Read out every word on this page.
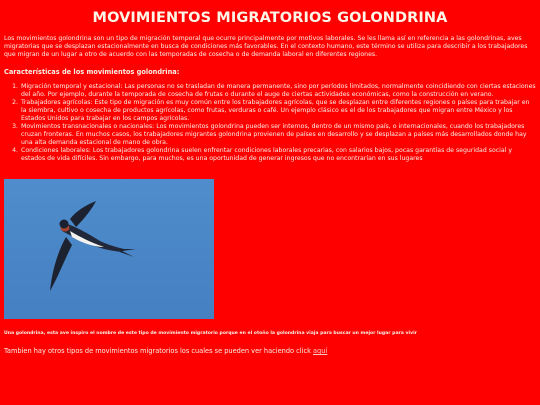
MOVIMIENTOS MIGRATORIOS GOLONDRINA

Los movimientos golondrina son un tipo de migración temporal que ocurre principalmente por motivos laborales. Se les llama así en referencia a las golondrinas, aves migratorias que se desplazan estacionalmente en busca de condiciones más favorables. En el contexto humano, este término se utiliza para describir a los trabajadores que migran de un lugar a otro de acuerdo con las temporadas de cosecha o de demanda laboral en diferentes regiones.

Características de los movimientos golondrina:

1. Migración temporal y estacional: Las personas no se trasladan de manera permanente, sino por períodos limitados, normalmente coincidiendo con ciertas estaciones del año. Por ejemplo, durante la temporada de cosecha de frutas o durante el auge de ciertas actividades económicas, como la construcción en verano.
2. Trabajadores agrícolas: Este tipo de migración es muy común entre los trabajadores agrícolas, que se desplazan entre diferentes regiones o países para trabajar en la siembra, cultivo o cosecha de productos agrícolas, como frutas, verduras o café. Un ejemplo clásico es el de los trabajadores que migran entre México y los Estados Unidos para trabajar en los campos agrícolas.
3. Movimientos transnacionales o nacionales: Los movimientos golondrina pueden ser internos, dentro de un mismo país, o internacionales, cuando los trabajadores cruzan fronteras. En muchos casos, los trabajadores migrantes golondrina provienen de países en desarrollo y se desplazan a países más desarrollados donde hay una alta demanda estacional de mano de obra.
4. Condiciones laborales: Los trabajadores golondrina suelen enfrentar condiciones laborales precarias, con salarios bajos, pocas garantías de seguridad social y estados de vida difíciles. Sin embargo, para muchos, es una oportunidad de generar ingresos que no encontrarían en sus lugares

Una golondrina, esta ave inspiro el nombre de este tipo de movimiento migratorio porque en el otoño la golondrina viaja para buscar un mejor lugar para vivir

Tambien hay otros tipos de movimientos migratorios los cuales se pueden ver haciendo click aquí
